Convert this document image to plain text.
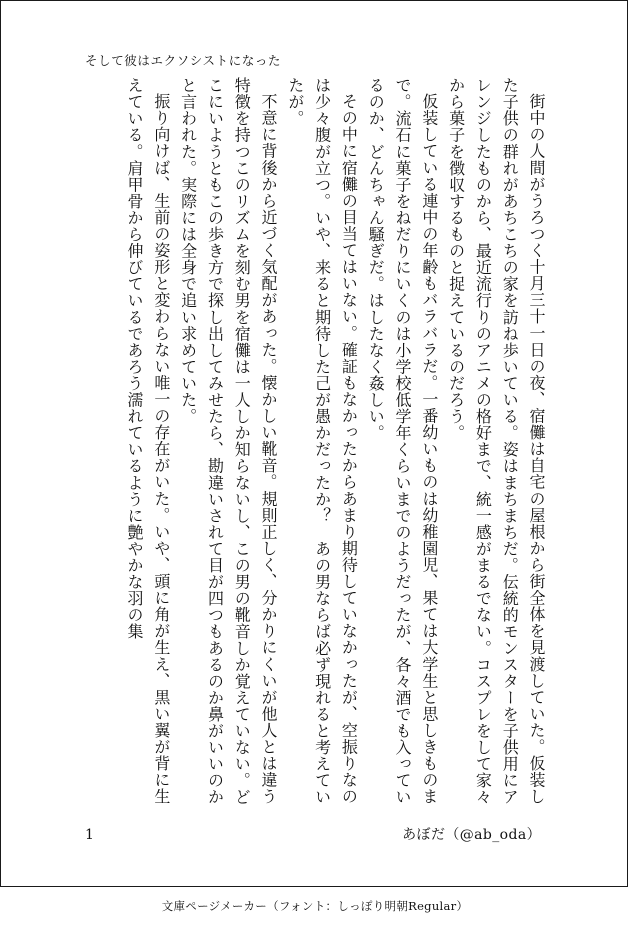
そして彼はエクソシストになった

街中の人間がうろつく十月三十一日の夜、宿儺は自宅の屋根から街全体を見渡していた。仮装した子供の群れがあちこちの家を訪ね歩いている。姿はまちまちだ。伝統的モンスターを子供用にアレンジしたものから、最近流行りのアニメの格好まで、統一感がまるでない。コスプレをして家々から菓子を徴収するものと捉えているのだろう。

仮装している連中の年齢もバラバラだ。一番幼いものは幼稚園児、果ては大学生と思しきものまで。流石に菓子をねだりにいくのは小学校低学年くらいまでのようだったが、各々酒でも入っているのか、どんちゃん騒ぎだ。はしたなく姦しい。

その中に宿儺の目当てはいない。確証もなかったからあまり期待していなかったが、空振りなのは少々腹が立つ。いや、来ると期待した己が愚かだったか？　あの男ならば必ず現れると考えていたが。

不意に背後から近づく気配があった。懐かしい靴音。規則正しく、分かりにくいが他人とは違う特徴を持つこのリズムを刻む男を宿儺は一人しか知らないし、この男の靴音しか覚えていない。どこにいようともこの歩き方で探し出してみせたら、勘違いされて目が四つもあるのか鼻がいいのかと言われた。実際には全身で追い求めていた。

振り向けば、生前の姿形と変わらない唯一の存在がいた。いや、頭に角が生え、黒い翼が背に生えている。肩甲骨から伸びているであろう濡れているように艶やかな羽の集

1	あぼだ（@ab_oda）
文庫ページメーカー（フォント：しっぽり明朝Regular）
